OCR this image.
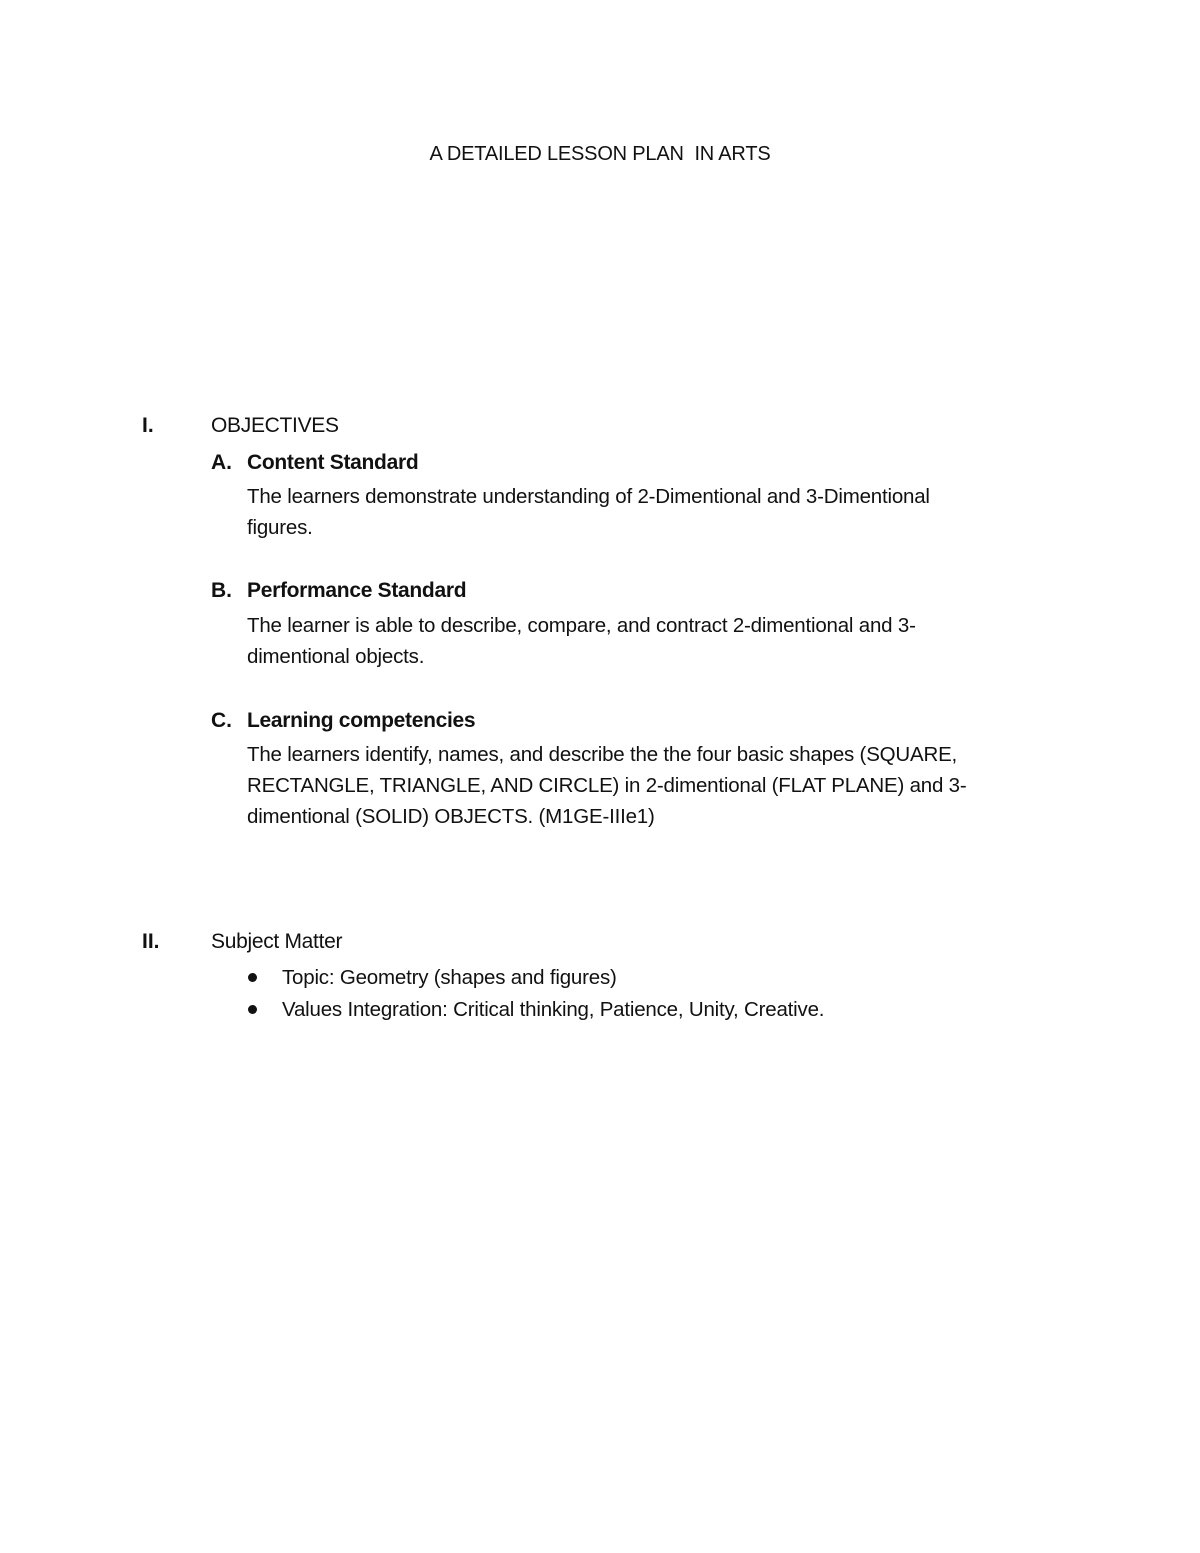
A DETAILED LESSON PLAN  IN ARTS
I.	OBJECTIVES
A. Content Standard
The learners demonstrate understanding of 2-Dimentional and 3-Dimentional
figures.
B. Performance Standard
The learner is able to describe, compare, and contract 2-dimentional and 3-
dimentional objects.
C. Learning competencies
The learners identify, names, and describe the the four basic shapes (SQUARE,
RECTANGLE, TRIANGLE, AND CIRCLE) in 2-dimentional (FLAT PLANE) and 3-
dimentional (SOLID) OBJECTS. (M1GE-IIIe1)
II. Subject Matter
Topic: Geometry (shapes and figures)
Values Integration: Critical thinking, Patience, Unity, Creative.
